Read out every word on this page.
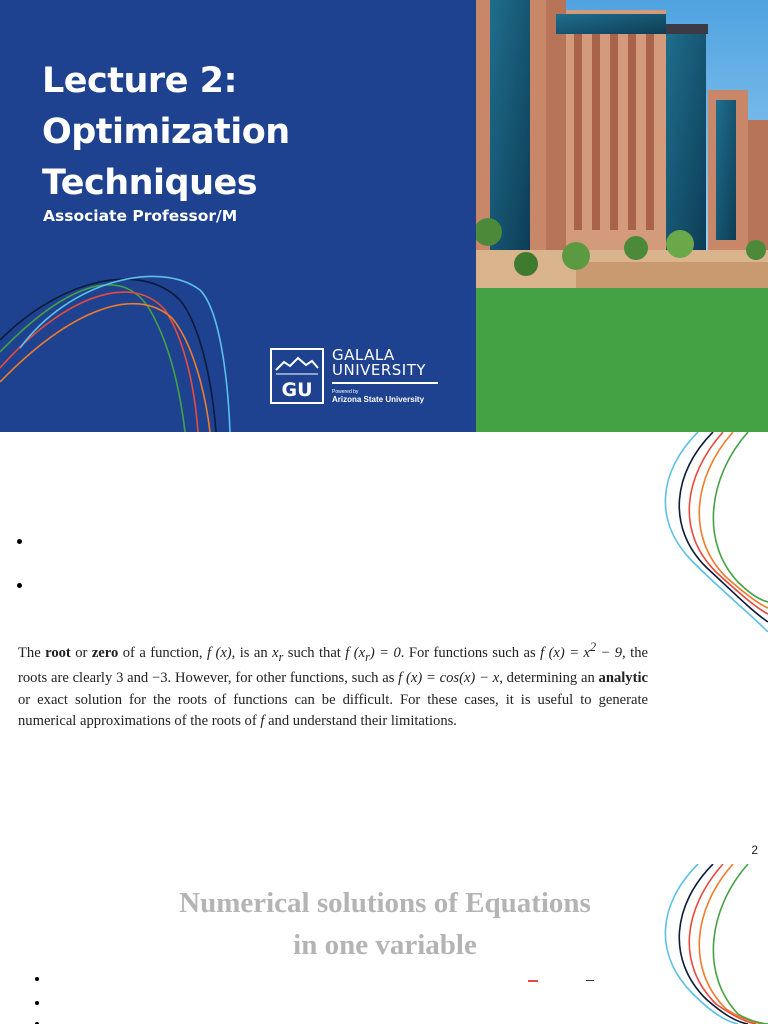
Lecture 2:
Optimization
Techniques
Associate Professor/M
GU
GALALA
UNIVERSITY
Powered by
Arizona State University
The root or zero of a function, f (x), is an $x_r$ such that f $(x_r) = 0$. For functions such as f $(x) = x^2 - 9$, the roots are clearly 3 and −3. However, for other functions, such as f (x) = cos(x) − x, determining an analytic or exact solution for the roots of functions can be difficult. For these cases, it is useful to generate numerical approximations of the roots of f and understand their limitations.
2
Numerical solutions of Equations
in one variable
